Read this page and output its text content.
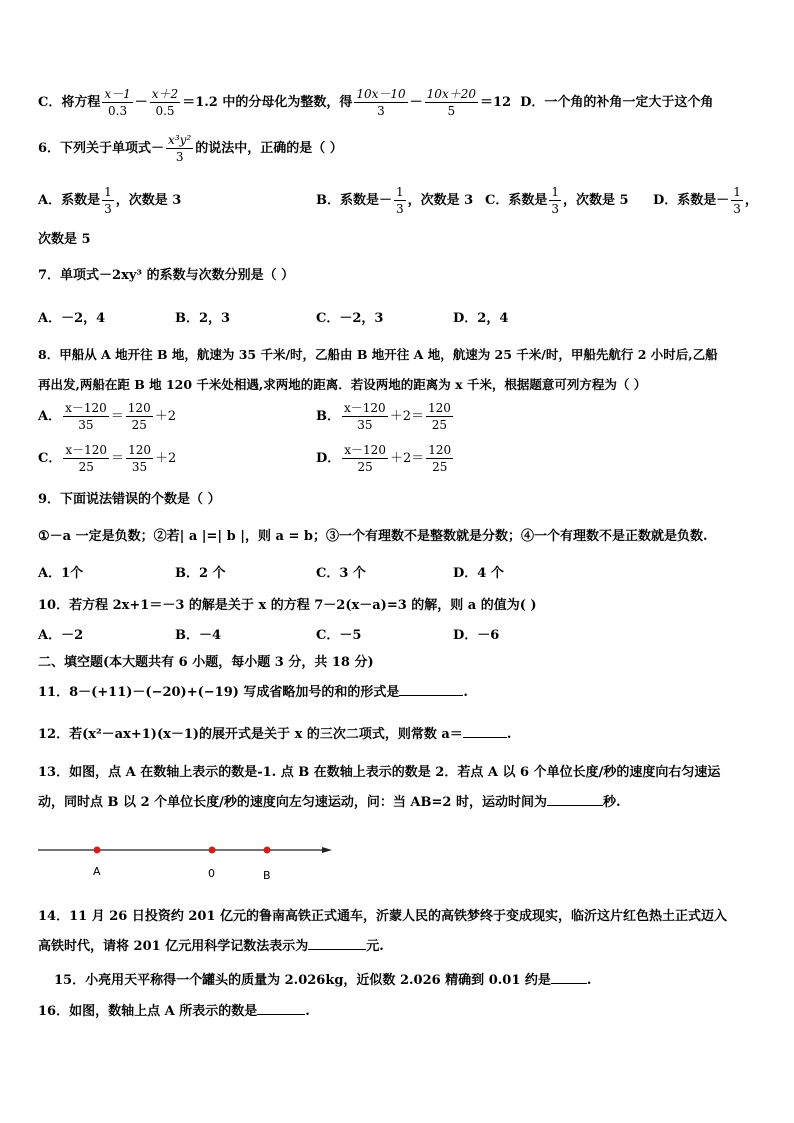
C．将方程 $\frac{x-1}{0.3} - \frac{x+2}{0.5} =1.2$ 中的分母化为整数，得 $\frac{10x-10}{3} - \frac{10x+20}{5} =12$ D．一个角的补角一定大于这个角
6．下列关于单项式－ $\frac{\text{x³y²}}{3}$ 的说法中，正确的是（ ）
A．系数是 $\frac{1}{3}$ ，次数是 3	B．系数是－ $\frac{1}{3}$ ，次数是 3 C．系数是 $\frac{1}{3}$ ，次数是 5 D．系数是－ $\frac{1}{3}$ ，
次数是 5
7．单项式－2xy³ 的系数与次数分别是（ ）
A．－2，4	B．2，3	C．－2，3	D．2，4
8．甲船从 A 地开往 B 地，航速为 35 千米/时，乙船由 B 地开往 A 地，航速为 25 千米/时，甲船先航行 2 小时后,乙船
再出发,两船在距 B 地 120 千米处相遇,求两地的距离．若设两地的距离为 x 千米，根据题意可列方程为（ ）
A． $\frac{x-120}{35} = \frac{120}{25} +2$	B． $\frac{x-120}{35} +2= \frac{120}{25}$
C． $\frac{x-120}{25} = \frac{120}{35} +2$	D． $\frac{x-120}{25} +2= \frac{120}{25}$
9．下面说法错误的个数是（ ）
①－a 一定是负数；②若| a |=| b |，则 a = b；③一个有理数不是整数就是分数；④一个有理数不是正数就是负数.
A．1个	B．2 个	C．3 个	D．4 个
10．若方程 2x+1＝－3 的解是关于 x 的方程 7－2(x－a)=3 的解，则 a 的值为( )
A．－2	B．－4	C．－5	D．－6
二、填空题(本大题共有 6 小题，每小题 3 分，共 18 分)
11．8－(+11)－(−20)+(−19) 写成省略加号的和的形式是	.
12．若(x²－ax+1)(x－1)的展开式是关于 x 的三次二项式，则常数 a＝	.
13．如图，点 A 在数轴上表示的数是-1. 点 B 在数轴上表示的数是 2．若点 A 以 6 个单位长度/秒的速度向右匀速运
动，同时点 B 以 2 个单位长度/秒的速度向左匀速运动，问：当 AB=2 时，运动时间为	秒.
A	0	B
14．11 月 26 日投资约 201 亿元的鲁南高铁正式通车，沂蒙人民的高铁梦终于变成现实，临沂这片红色热土正式迈入
高铁时代，请将 201 亿元用科学记数法表示为	元.
15．小亮用天平称得一个罐头的质量为 2.026kg，近似数 2.026 精确到 0.01 约是	.
16．如图，数轴上点 A 所表示的数是	.
